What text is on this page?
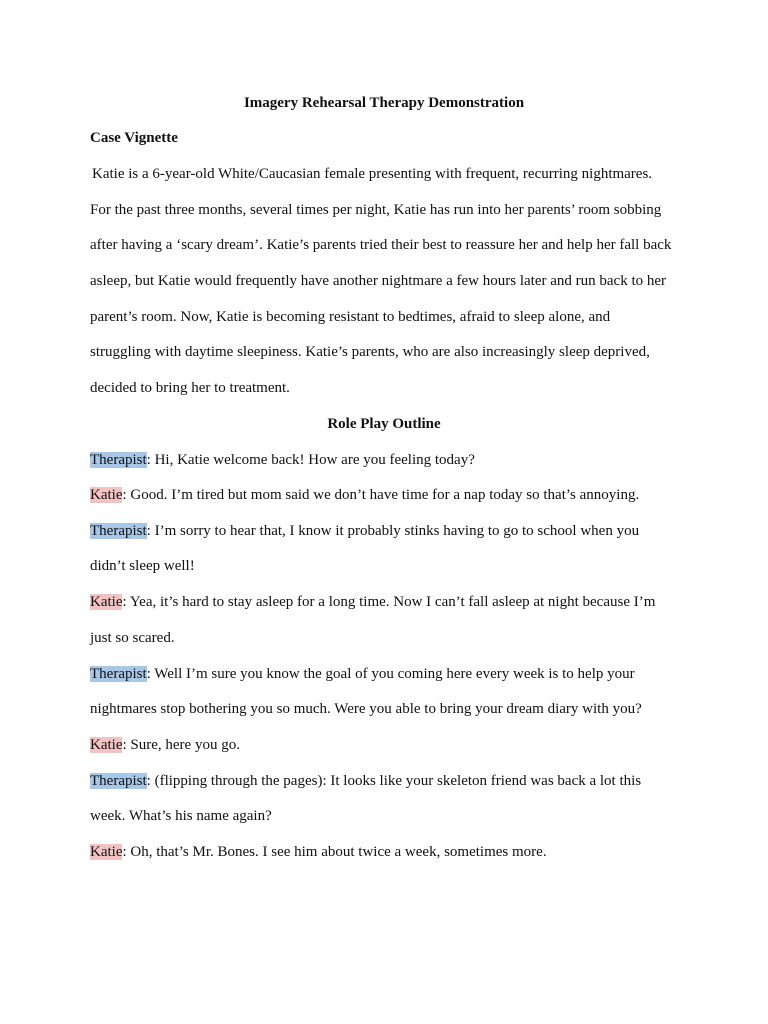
Imagery Rehearsal Therapy Demonstration
Case Vignette
Katie is a 6-year-old White/Caucasian female presenting with frequent, recurring nightmares.
For the past three months, several times per night, Katie has run into her parents’ room sobbing
after having a ‘scary dream’. Katie’s parents tried their best to reassure her and help her fall back
asleep, but Katie would frequently have another nightmare a few hours later and run back to her
parent’s room. Now, Katie is becoming resistant to bedtimes, afraid to sleep alone, and
struggling with daytime sleepiness. Katie’s parents, who are also increasingly sleep deprived,
decided to bring her to treatment.
Role Play Outline
Therapist: Hi, Katie welcome back! How are you feeling today?
Katie: Good. I’m tired but mom said we don’t have time for a nap today so that’s annoying.
Therapist: I’m sorry to hear that, I know it probably stinks having to go to school when you
didn’t sleep well!
Katie: Yea, it’s hard to stay asleep for a long time. Now I can’t fall asleep at night because I’m
just so scared.
Therapist: Well I’m sure you know the goal of you coming here every week is to help your
nightmares stop bothering you so much. Were you able to bring your dream diary with you?
Katie: Sure, here you go.
Therapist: (flipping through the pages): It looks like your skeleton friend was back a lot this
week. What’s his name again?
Katie: Oh, that’s Mr. Bones. I see him about twice a week, sometimes more.
